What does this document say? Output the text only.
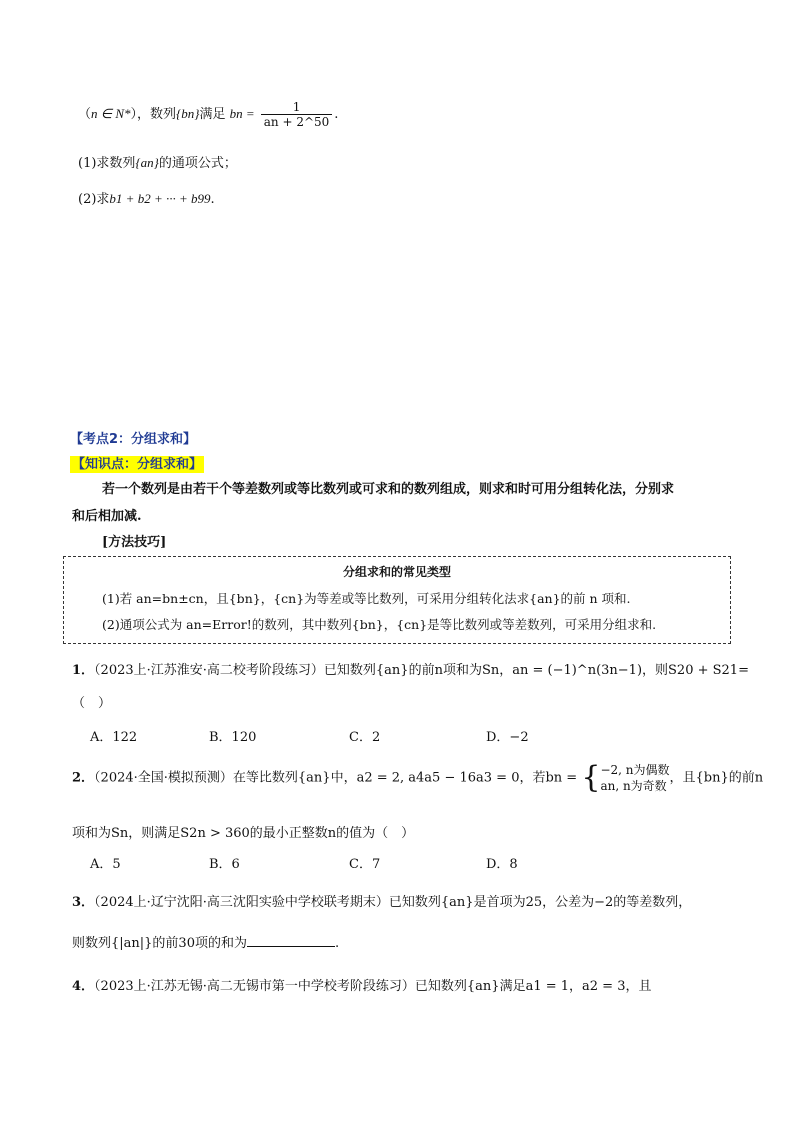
（n ∈ N*），数列{bn}满足 bn = $\frac{1}{an + 2\^{}50}$ .
(1)求数列{an}的通项公式；
(2)求b1 + b2 + ··· + b99.
【考点2：分组求和】
【知识点：分组求和】
若一个数列是由若干个等差数列或等比数列或可求和的数列组成，则求和时可用分组转化法，分别求
和后相加减.
[方法技巧]
分组求和的常见类型
(1)若 an=bn±cn，且{bn}，{cn}为等差或等比数列，可采用分组转化法求{an}的前 n 项和.
(2)通项公式为 an=Error!的数列，其中数列{bn}，{cn}是等比数列或等差数列，可采用分组求和.
1．（2023上·江苏淮安·高二校考阶段练习）已知数列{an}的前n项和为Sn，an = (−1)^n(3n−1)，则S20 + S21=
（　）
A．122	B．120	C．2	D．−2
2．（2024·全国·模拟预测）在等比数列{an}中，a2 = 2, a4a5 − 16a3 = 0，若bn = {−2, n为偶数
an, n为奇数，且{bn}的前n
项和为Sn，则满足S2n > 360的最小正整数n的值为（　）
A．5	B．6	C．7	D．8
3．（2024上·辽宁沈阳·高三沈阳实验中学校联考期末）已知数列{an}是首项为25，公差为−2的等差数列，
则数列{|an|}的前30项的和为	.
4．（2023上·江苏无锡·高二无锡市第一中学校考阶段练习）已知数列{an}满足a1 = 1，a2 = 3，且
